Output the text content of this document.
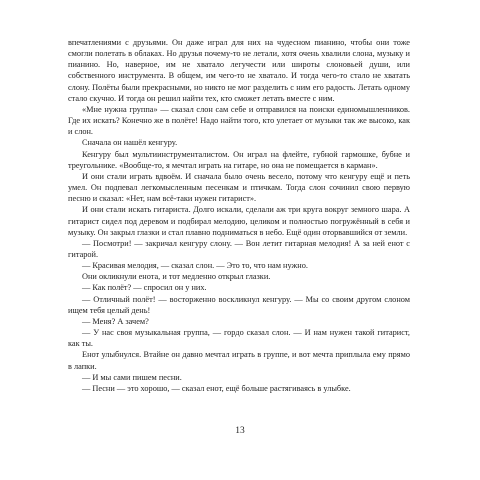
впечатлениями с друзьями. Он даже играл для них на чудесном пианино, чтобы они тоже смогли полетать в облаках. Но друзья почему-то не летали, хотя очень хвалили слона, музыку и пианино. Но, наверное, им не хватало легучести или широты слоновьей души, или собственного инструмента. В общем, им чего-то не хватало. И тогда чего-то стало не хватать слону. Полёты были прекрасными, но никто не мог разделить с ним его радость. Летать одному стало скучно. И тогда он решил найти тех, кто сможет летать вместе с ним.

«Мне нужна группа» — сказал слон сам себе и отправился на поиски единомышленников. Где их искать? Конечно же в полёте! Надо найти того, кто улетает от музыки так же высоко, как и слон.

Сначала он нашёл кенгуру.

Кенгуру был мультиинструменталистом. Он играл на флейте, губной гармошке, бубне и треугольнике. «Вообще-то, я мечтал играть на гитаре, но она не помещается в карман».

И они стали играть вдвоём. И сначала было очень весело, потому что кенгуру ещё и петь умел. Он подпевал легкомысленным песенкам и птичкам. Тогда слон сочинил свою первую песню и сказал: «Нет, нам всё-таки нужен гитарист».

И они стали искать гитариста. Долго искали, сделали аж три круга вокруг земного шара. А гитарист сидел под деревом и подбирал мелодию, целиком и полностью погружённый в себя и музыку. Он закрыл глазки и стал плавно подниматься в небо. Ещё один оторвавшийся от земли.

— Посмотри! — закричал кенгуру слону. — Вон летит гитарная мелодия! А за ней енот с гитарой.

— Красивая мелодия, — сказал слон. — Это то, что нам нужно.

Они окликнули енота, и тот медленно открыл глазки.

— Как полёт? — спросил он у них.

— Отличный полёт! — восторженно воскликнул кенгуру. — Мы со своим другом слоном ищем тебя целый день!

— Меня? А зачем?

— У нас своя музыкальная группа, — гордо сказал слон. — И нам нужен такой гитарист, как ты.

Енот улыбнулся. Втайне он давно мечтал играть в группе, и вот мечта приплыла ему прямо в лапки.

— И мы сами пишем песни.

— Песни — это хорошо, — сказал енот, ещё больше растягиваясь в улыбке.

13
